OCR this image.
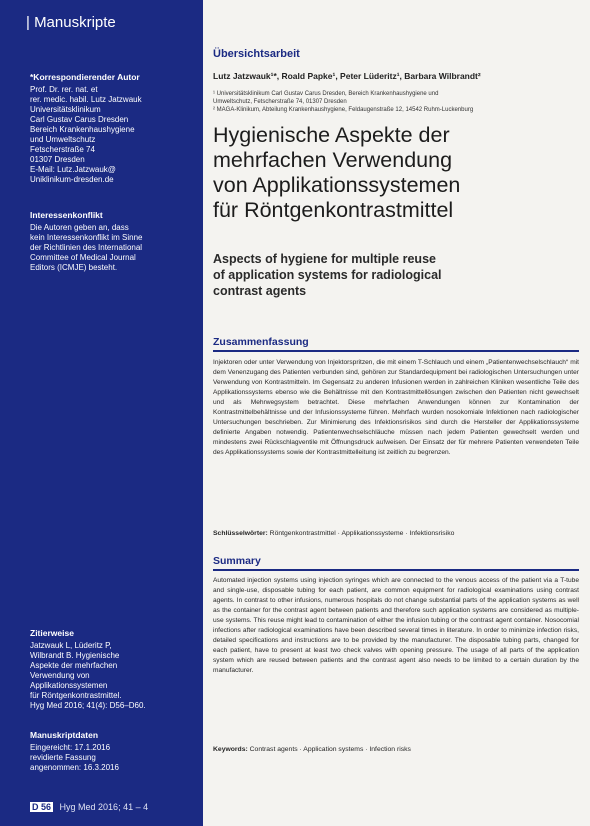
| Manuskripte
*Korrespondierender Autor

Prof. Dr. rer. nat. et
rer. medic. habil. Lutz Jatzwauk
Universitätsklinikum
Carl Gustav Carus Dresden
Bereich Krankenhaushygiene
und Umweltschutz
Fetscherstraße 74
01307 Dresden
E-Mail: Lutz.Jatzwauk@
Uniklinikum-dresden.de

Interessenkonflikt

Die Autoren geben an, dass
kein Interessenkonflikt im Sinne
der Richtlinien des International
Committee of Medical Journal
Editors (ICMJE) besteht.

Zitierweise

Jatzwauk L, Lüderitz P,
Wilbrandt B. Hygienische
Aspekte der mehrfachen
Verwendung von
Applikationssystemen
für Röntgenkontrastmittel.
Hyg Med 2016; 41(4): D56–D60.

Manuskriptdaten

Eingereicht: 17.1.2016
revidierte Fassung
angenommen: 16.3.2016

D 56 Hyg Med 2016; 41 – 4
Übersichtsarbeit
Lutz Jatzwauk¹*, Roald Papke¹, Peter Lüderitz¹, Barbara Wilbrandt²
¹ Universitätsklinikum Carl Gustav Carus Dresden, Bereich Krankenhaushygiene und
Umweltschutz, Fetscherstraße 74, 01307 Dresden
² MAGA-Klinikum, Abteilung Krankenhaushygiene, Feldaugenstraße 12, 14542 Ruhm-Luckenburg
Hygienische Aspekte der
mehrfachen Verwendung
von Applikationssystemen
für Röntgenkontrastmittel
Aspects of hygiene for multiple reuse
of application systems for radiological
contrast agents
Zusammenfassung

Injektoren oder unter Verwendung von Injektorspritzen, die mit einem T-Schlauch und einem „Patientenwechselschlauch“ mit dem Venenzugang des Patienten verbunden sind, gehören zur Standardequipment bei radiologischen Untersuchungen unter Verwendung von Kontrastmitteln. Im Gegensatz zu anderen Infusionen werden in zahlreichen Kliniken wesentliche Teile des Applikationssystems ebenso wie die Behältnisse mit den Kontrastmittellösungen zwischen den Patienten nicht gewechselt und als Mehrwegsystem betrachtet. Diese mehrfachen Anwendungen können zur Kontamination der Kontrastmittelbehältnisse und der Infusionssysteme führen. Mehrfach wurden nosokomiale Infektionen nach radiologischer Untersuchungen beschrieben. Zur Minimierung des Infektionsrisikos sind durch die Hersteller der Applikationssysteme definierte Angaben notwendig. Patientenwechselschläuche müssen nach jedem Patienten gewechselt werden und mindestens zwei Rückschlagventile mit Öffnungsdruck aufweisen. Der Einsatz der für mehrere Patienten verwendeten Teile des Applikationssystems sowie der Kontrastmittelleitung ist zeitlich zu begrenzen.

Schlüsselwörter: Röntgenkontrastmittel · Applikationssysteme · Infektionsrisiko
Summary

Automated injection systems using injection syringes which are connected to the venous access of the patient via a T-tube and single-use, disposable tubing for each patient, are common equipment for radiological examinations using contrast agents. In contrast to other infusions, numerous hospitals do not change substantial parts of the application systems as well as the container for the contrast agent between patients and therefore such application systems are considered as multiple-use systems. This reuse might lead to contamination of either the infusion tubing or the contrast agent container. Nosocomial infections after radiological examinations have been described several times in literature. In order to minimize infection risks, detailed specifications and instructions are to be provided by the manufacturer. The disposable tubing parts, changed for each patient, have to present at least two check valves with opening pressure. The usage of all parts of the application system which are reused between patients and the contrast agent also needs to be limited to a certain duration by the manufacturer.

Keywords: Contrast agents · Application systems · Infection risks
